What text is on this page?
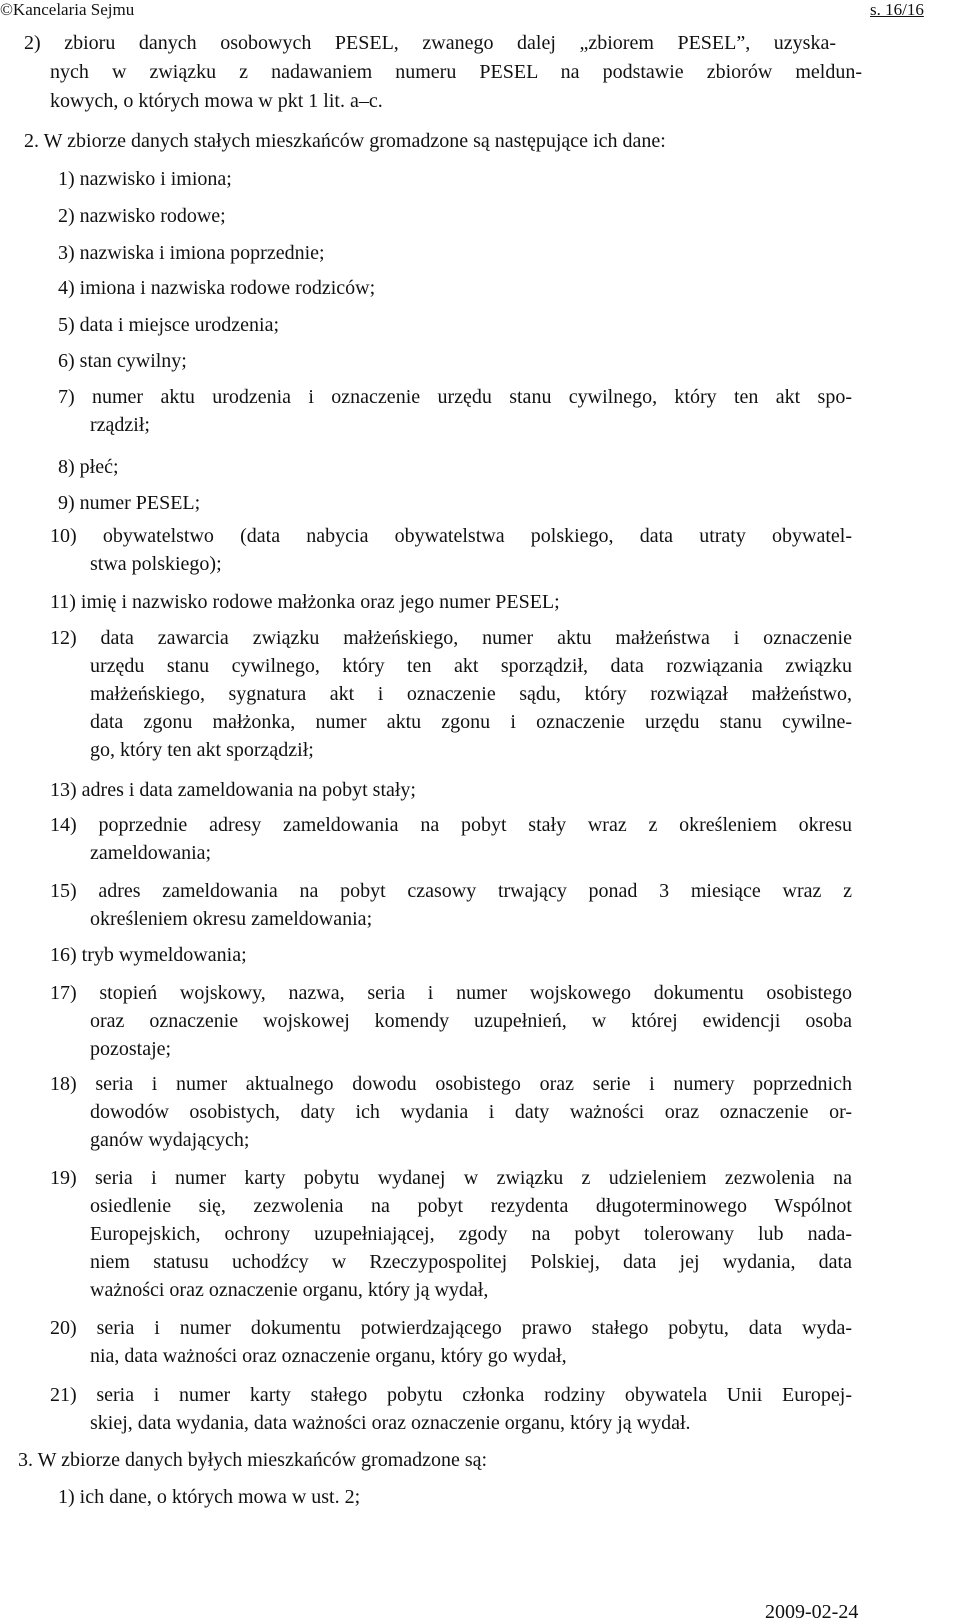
©Kancelaria Sejmu	s. 16/16
2) zbioru danych osobowych PESEL, zwanego dalej „zbiorem PESEL”, uzyska-
nych w związku z nadawaniem numeru PESEL na podstawie zbiorów meldun-
kowych, o których mowa w pkt 1 lit. a–c.
2. W zbiorze danych stałych mieszkańców gromadzone są następujące ich dane:
1) nazwisko i imiona;
2) nazwisko rodowe;
3) nazwiska i imiona poprzednie;
4) imiona i nazwiska rodowe rodziców;
5) data i miejsce urodzenia;
6) stan cywilny;
7) numer aktu urodzenia i oznaczenie urzędu stanu cywilnego, który ten akt spo-
rządził;
8) płeć;
9) numer PESEL;
10) obywatelstwo (data nabycia obywatelstwa polskiego, data utraty obywatel-
stwa polskiego);
11) imię i nazwisko rodowe małżonka oraz jego numer PESEL;
12) data zawarcia związku małżeńskiego, numer aktu małżeństwa i oznaczenie
urzędu stanu cywilnego, który ten akt sporządził, data rozwiązania związku
małżeńskiego, sygnatura akt i oznaczenie sądu, który rozwiązał małżeństwo,
data zgonu małżonka, numer aktu zgonu i oznaczenie urzędu stanu cywilne-
go, który ten akt sporządził;
13) adres i data zameldowania na pobyt stały;
14) poprzednie adresy zameldowania na pobyt stały wraz z określeniem okresu
zameldowania;
15) adres zameldowania na pobyt czasowy trwający ponad 3 miesiące wraz z
określeniem okresu zameldowania;
16) tryb wymeldowania;
17) stopień wojskowy, nazwa, seria i numer wojskowego dokumentu osobistego
oraz oznaczenie wojskowej komendy uzupełnień, w której ewidencji osoba
pozostaje;
18) seria i numer aktualnego dowodu osobistego oraz serie i numery poprzednich
dowodów osobistych, daty ich wydania i daty ważności oraz oznaczenie or-
ganów wydających;
19) seria i numer karty pobytu wydanej w związku z udzieleniem zezwolenia na
osiedlenie się, zezwolenia na pobyt rezydenta długoterminowego Wspólnot
Europejskich, ochrony uzupełniającej, zgody na pobyt tolerowany lub nada-
niem statusu uchodźcy w Rzeczypospolitej Polskiej, data jej wydania, data
ważności oraz oznaczenie organu, który ją wydał,
20) seria i numer dokumentu potwierdzającego prawo stałego pobytu, data wyda-
nia, data ważności oraz oznaczenie organu, który go wydał,
21) seria i numer karty stałego pobytu członka rodziny obywatela Unii Europej-
skiej, data wydania, data ważności oraz oznaczenie organu, który ją wydał.
3. W zbiorze danych byłych mieszkańców gromadzone są:
1) ich dane, o których mowa w ust. 2;
2009-02-24
